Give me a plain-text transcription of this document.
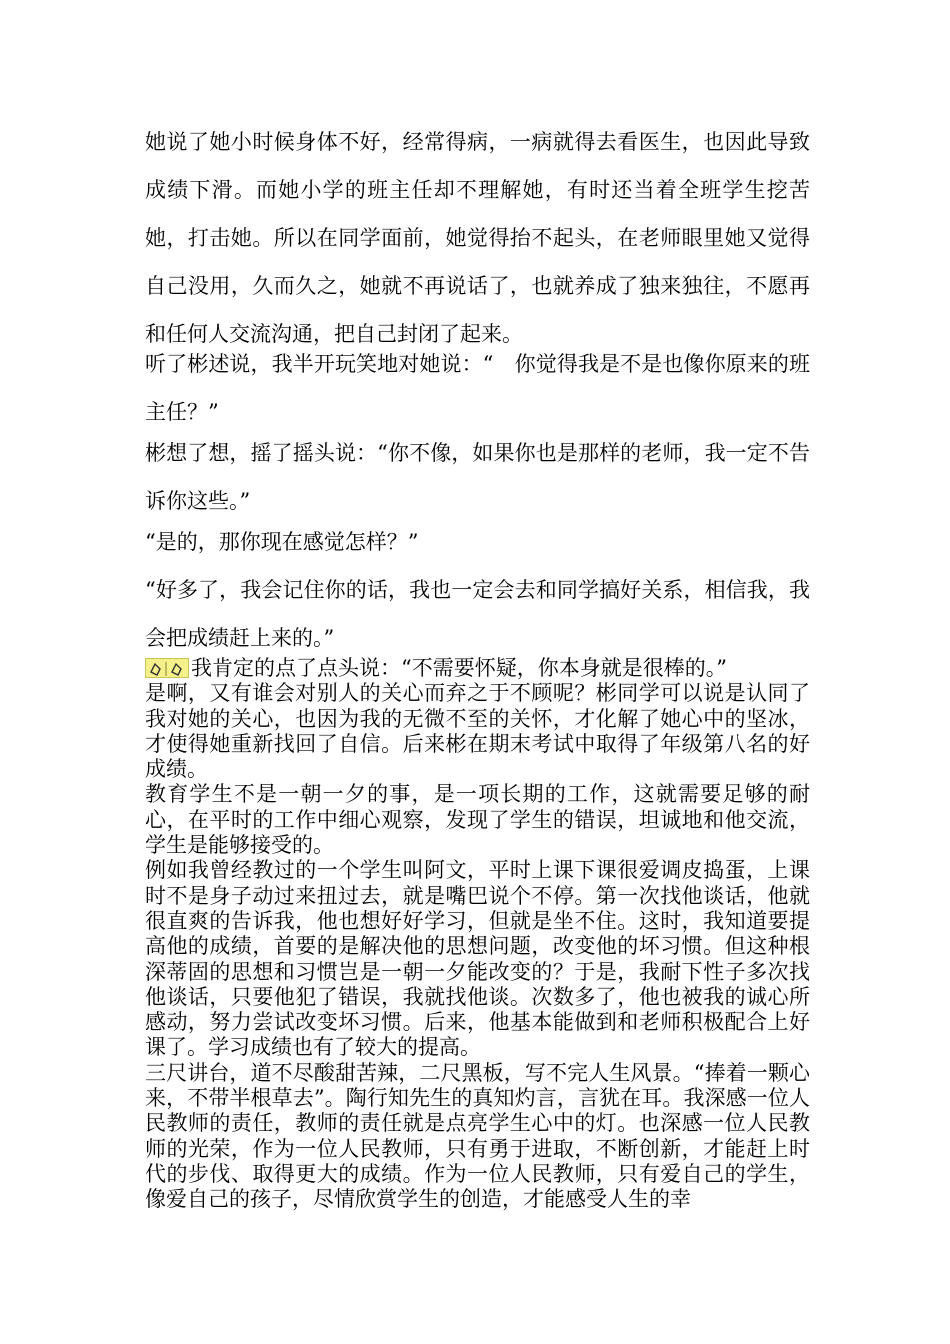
她说了她小时候身体不好，经常得病，一病就得去看医生，也因此导致成绩下滑。而她小学的班主任却不理解她，有时还当着全班学生挖苦她，打击她。所以在同学面前，她觉得抬不起头，在老师眼里她又觉得自己没用，久而久之，她就不再说话了，也就养成了独来独往，不愿再和任何人交流沟通，把自己封闭了起来。

听了彬述说，我半开玩笑地对她说：“　你觉得我是不是也像你原来的班主任？”

彬想了想，摇了摇头说：“你不像，如果你也是那样的老师，我一定不告诉你这些。”

“是的，那你现在感觉怎样？”

“好多了，我会记住你的话，我也一定会去和同学搞好关系，相信我，我会把成绩赶上来的。”

我肯定的点了点头说：“不需要怀疑，你本身就是很棒的。”

是啊，又有谁会对别人的关心而弃之于不顾呢？彬同学可以说是认同了我对她的关心，也因为我的无微不至的关怀，才化解了她心中的坚冰，才使得她重新找回了自信。后来彬在期末考试中取得了年级第八名的好成绩。

教育学生不是一朝一夕的事，是一项长期的工作，这就需要足够的耐心，在平时的工作中细心观察，发现了学生的错误，坦诚地和他交流，学生是能够接受的。

例如我曾经教过的一个学生叫阿文，平时上课下课很爱调皮捣蛋，上课时不是身子动过来扭过去，就是嘴巴说个不停。第一次找他谈话，他就很直爽的告诉我，他也想好好学习，但就是坐不住。这时，我知道要提高他的成绩，首要的是解决他的思想问题，改变他的坏习惯。但这种根深蒂固的思想和习惯岂是一朝一夕能改变的？于是，我耐下性子多次找他谈话，只要他犯了错误，我就找他谈。次数多了，他也被我的诚心所感动，努力尝试改变坏习惯。后来，他基本能做到和老师积极配合上好课了。学习成绩也有了较大的提高。

三尺讲台，道不尽酸甜苦辣，二尺黑板，写不完人生风景。“捧着一颗心来，不带半根草去”。陶行知先生的真知灼言，言犹在耳。我深感一位人民教师的责任，教师的责任就是点亮学生心中的灯。也深感一位人民教师的光荣，作为一位人民教师，只有勇于进取，不断创新，才能赶上时代的步伐、取得更大的成绩。作为一位人民教师，只有爱自己的学生，像爱自己的孩子，尽情欣赏学生的创造，才能感受人生的幸
